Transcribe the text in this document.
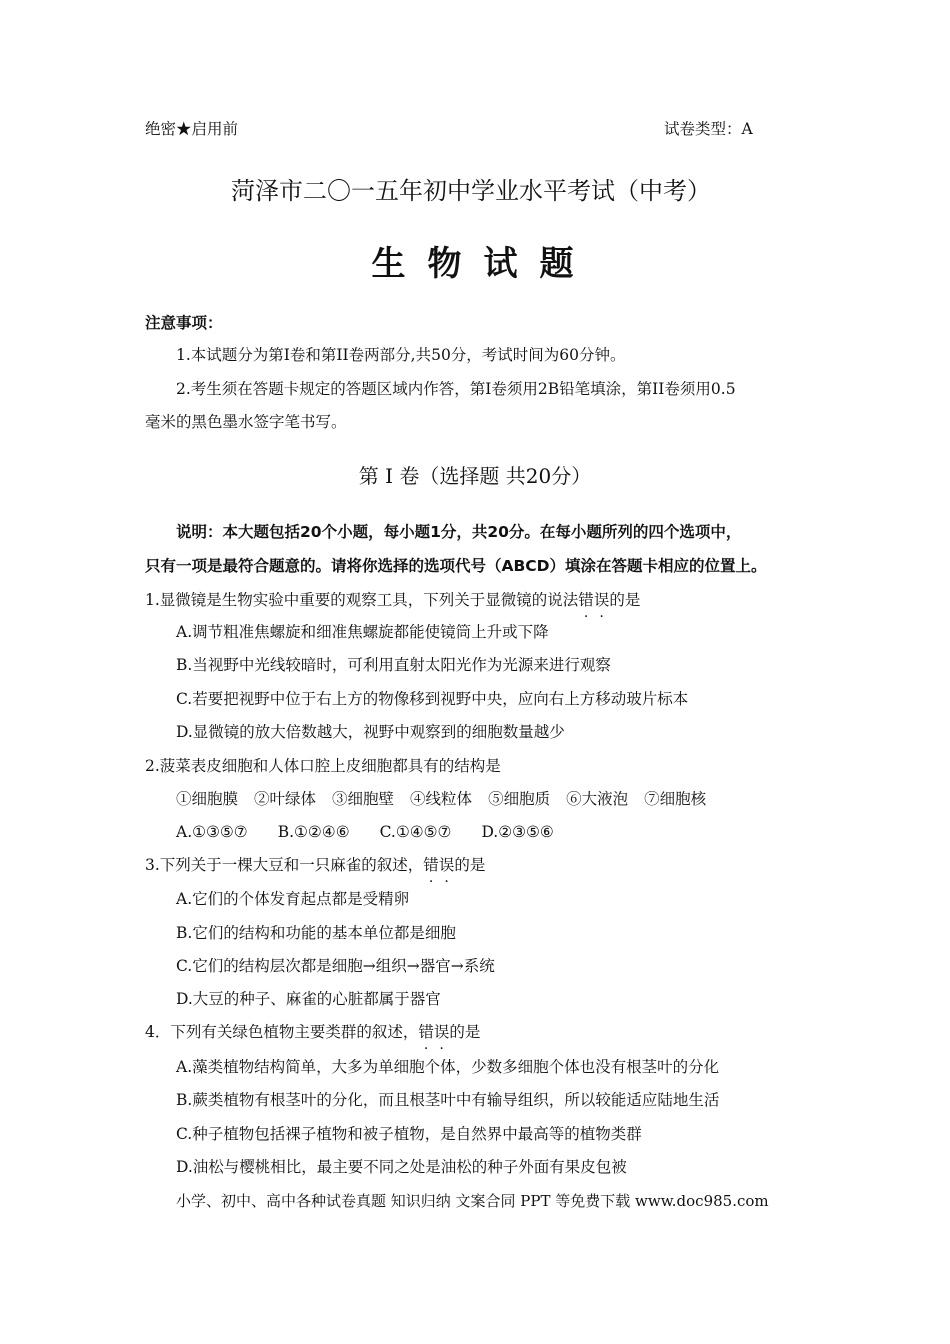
绝密★启用前	试卷类型：A
菏泽市二〇一五年初中学业水平考试（中考）
生物试题
注意事项：
1.本试题分为第I卷和第II卷两部分,共50分，考试时间为60分钟。
2.考生须在答题卡规定的答题区域内作答，第I卷须用2B铅笔填涂，第II卷须用0.5
毫米的黑色墨水签字笔书写。
第 I 卷（选择题 共20分）
说明：本大题包括20个小题，每小题1分，共20分。在每小题所列的四个选项中，
只有一项是最符合题意的。请将你选择的选项代号（ABCD）填涂在答题卡相应的位置上。
1.显微镜是生物实验中重要的观察工具，下列关于显微镜的说法错误的是
A.调节粗准焦螺旋和细准焦螺旋都能使镜筒上升或下降
B.当视野中光线较暗时，可利用直射太阳光作为光源来进行观察
C.若要把视野中位于右上方的物像移到视野中央，应向右上方移动玻片标本
D.显微镜的放大倍数越大，视野中观察到的细胞数量越少
2.菠菜表皮细胞和人体口腔上皮细胞都具有的结构是
①细胞膜 ②叶绿体 ③细胞壁 ④线粒体 ⑤细胞质 ⑥大液泡 ⑦细胞核
A.①③⑤⑦ B.①②④⑥ C.①④⑤⑦ D.②③⑤⑥
3.下列关于一棵大豆和一只麻雀的叙述，错误的是
A.它们的个体发育起点都是受精卵
B.它们的结构和功能的基本单位都是细胞
C.它们的结构层次都是细胞→组织→器官→系统
D.大豆的种子、麻雀的心脏都属于器官
4．下列有关绿色植物主要类群的叙述，错误的是
A.藻类植物结构简单，大多为单细胞个体，少数多细胞个体也没有根茎叶的分化
B.蕨类植物有根茎叶的分化，而且根茎叶中有输导组织，所以较能适应陆地生活
C.种子植物包括裸子植物和被子植物，是自然界中最高等的植物类群
D.油松与樱桃相比，最主要不同之处是油松的种子外面有果皮包被
小学、初中、高中各种试卷真题 知识归纳 文案合同 PPT 等免费下载 www.doc985.com
